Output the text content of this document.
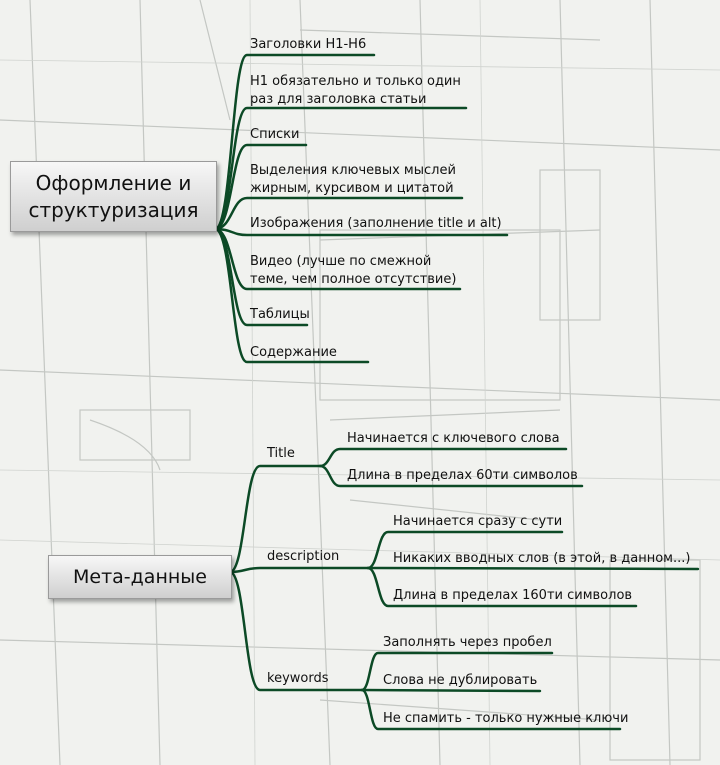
Оформление и
структуризация
Заголовки H1-H6
H1 обязательно и только один
раз для заголовка статьи
Списки
Выделения ключевых мыслей
жирным, курсивом и цитатой
Изображения (заполнение title и alt)
Видео (лучше по смежной
теме, чем полное отсутствие)
Таблицы
Содержание
Мета-данные
Title
description
keywords
Начинается с ключевого слова
Длина в пределах 60ти символов
Начинается сразу с сути
Никаких вводных слов (в этой, в данном...)
Длина в пределах 160ти символов
Заполнять через пробел
Слова не дублировать
Не спамить - только нужные ключи
